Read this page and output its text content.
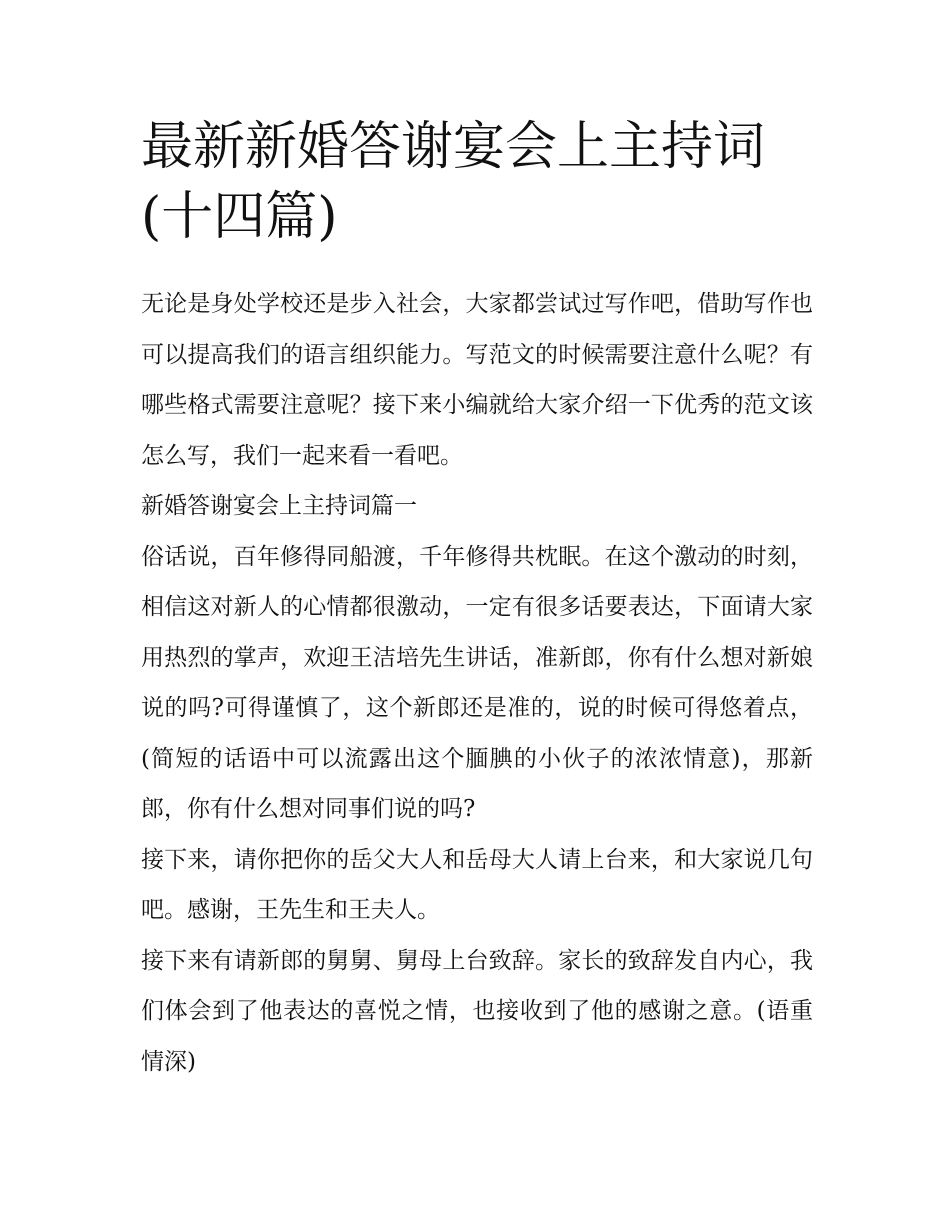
最新新婚答谢宴会上主持词(十四篇)

无论是身处学校还是步入社会，大家都尝试过写作吧，借助写作也可以提高我们的语言组织能力。写范文的时候需要注意什么呢？有哪些格式需要注意呢？接下来小编就给大家介绍一下优秀的范文该怎么写，我们一起来看一看吧。

新婚答谢宴会上主持词篇一

俗话说，百年修得同船渡，千年修得共枕眠。在这个激动的时刻，相信这对新人的心情都很激动，一定有很多话要表达，下面请大家用热烈的掌声，欢迎王洁培先生讲话，准新郎，你有什么想对新娘说的吗?可得谨慎了，这个新郎还是准的，说的时候可得悠着点，(简短的话语中可以流露出这个腼腆的小伙子的浓浓情意)，那新郎，你有什么想对同事们说的吗?

接下来，请你把你的岳父大人和岳母大人请上台来，和大家说几句吧。感谢，王先生和王夫人。

接下来有请新郎的舅舅、舅母上台致辞。家长的致辞发自内心，我们体会到了他表达的喜悦之情，也接收到了他的感谢之意。(语重情深)
